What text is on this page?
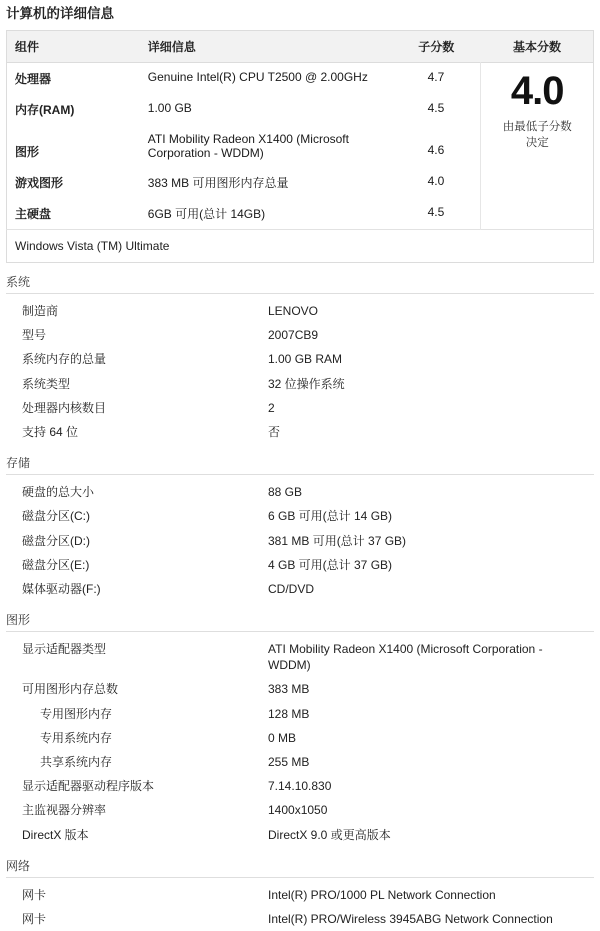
计算机的详细信息
组件	详细信息	子分数	基本分数
处理器	Genuine Intel(R) CPU T2500 @ 2.00GHz	4.7	4.0
由最低子分数决定

内存(RAM)	1.00 GB	4.5	
图形	ATI Mobility Radeon X1400 (Microsoft Corporation - WDDM)	4.6	
游戏图形	383 MB 可用图形内存总量	4.0	
主硬盘	6GB 可用(总计 14GB)	4.5	
Windows Vista (TM) Ultimate			
系统
制造商	LENOVO
型号	2007CB9
系统内存的总量	1.00 GB RAM
系统类型	32 位操作系统
处理器内核数目	2
支持 64 位	否
存储
硬盘的总大小	88 GB
磁盘分区(C:)	6 GB 可用(总计 14 GB)
磁盘分区(D:)	381 MB 可用(总计 37 GB)
磁盘分区(E:)	4 GB 可用(总计 37 GB)
媒体驱动器(F:)	CD/DVD
图形
显示适配器类型	ATI Mobility Radeon X1400 (Microsoft Corporation - WDDM)
可用图形内存总数	383 MB
专用图形内存	128 MB
专用系统内存	0 MB
共享系统内存	255 MB
显示适配器驱动程序版本	7.14.10.830
主监视器分辨率	1400x1050
DirectX 版本	DirectX 9.0 或更高版本
网络
网卡	Intel(R) PRO/1000 PL Network Connection
网卡	Intel(R) PRO/Wireless 3945ABG Network Connection
